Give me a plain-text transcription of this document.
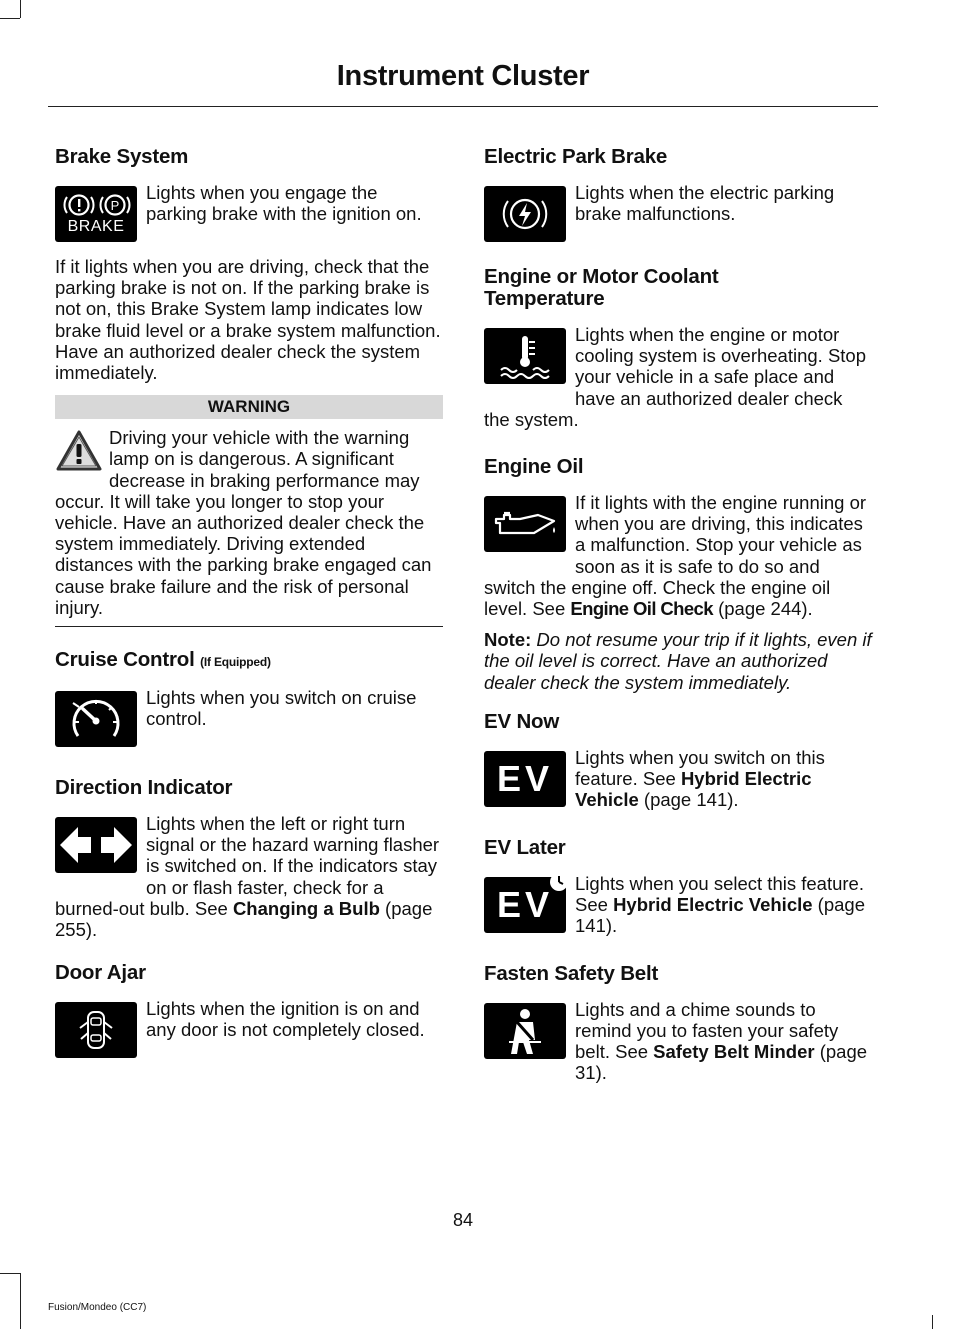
Instrument Cluster
Brake System
P
BRAKE

Lights when you engage the parking brake with the ignition on.

If it lights when you are driving, check that the parking brake is not on. If the parking brake is not on, this Brake System lamp indicates low brake fluid level or a brake system malfunction. Have an authorized dealer check the system immediately.

WARNING

Driving your vehicle with the warning lamp on is dangerous. A significant decrease in braking performance may occur. It will take you longer to stop your vehicle. Have an authorized dealer check the system immediately. Driving extended distances with the parking brake engaged can cause brake failure and the risk of personal injury.

Cruise Control (If Equipped)

Lights when you switch on cruise control.

Direction Indicator

Lights when the left or right turn signal or the hazard warning flasher is switched on. If the indicators stay on or flash faster, check for a burned-out bulb. See Changing a Bulb (page 255).

Door Ajar

Lights when the ignition is on and any door is not completely closed.

Electric Park Brake

Lights when the electric parking brake malfunctions.

Engine or Motor Coolant Temperature

Lights when the engine or motor cooling system is overheating. Stop your vehicle in a safe place and have an authorized dealer check the system.

Engine Oil

If it lights with the engine running or when you are driving, this indicates a malfunction. Stop your vehicle as soon as it is safe to do so and switch the engine off. Check the engine oil level. See Engine Oil Check (page 244).

Note: Do not resume your trip if it lights, even if the oil level is correct. Have an authorized dealer check the system immediately.

EV Now
EV

Lights when you switch on this feature. See Hybrid Electric Vehicle (page 141).

EV Later
EV

Lights when you select this feature. See Hybrid Electric Vehicle (page 141).

Fasten Safety Belt

Lights and a chime sounds to remind you to fasten your safety belt. See Safety Belt Minder (page 31).

84
Fusion/Mondeo (CC7)
